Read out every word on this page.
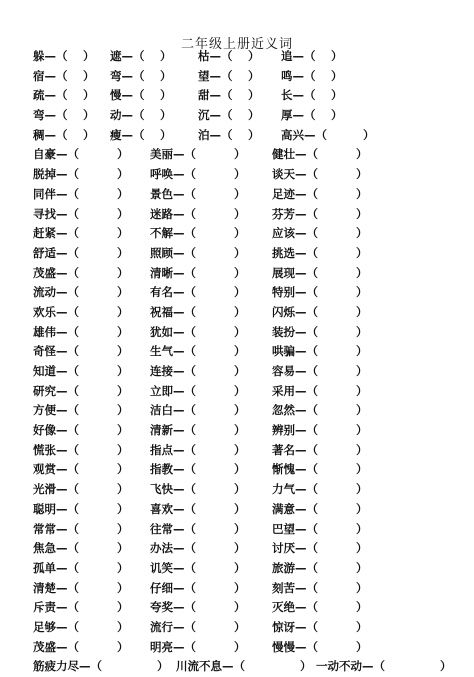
二年级上册近义词
躲—（ ） 遮—（ ） 枯—（ ） 追—（ ）
宿—（ ） 弯—（ ） 望—（ ） 鸣—（ ）
疏—（ ） 慢—（ ） 甜—（ ） 长—（ ）
弯—（ ） 动—（ ） 沉—（ ） 厚—（ ）
稠—（ ） 瘦—（ ） 泊—（ ） 高兴—（	）
自豪—（	） 美丽—（	） 健壮—（	）
脱掉—（	） 呼唤—（	） 谈天—（	）
同伴—（	） 景色—（	） 足迹—（	）
寻找—（	） 迷路—（	） 芬芳—（	）
赶紧—（	） 不解—（	） 应该—（	）
舒适—（	） 照顾—（	） 挑选—（	）
茂盛—（	） 清晰—（	） 展现—（	）
流动—（	） 有名—（	） 特别—（	）
欢乐—（	） 祝福—（	） 闪烁—（	）
雄伟—（	） 犹如—（	） 装扮—（	）
奇怪—（	） 生气—（	） 哄骗—（	）
知道—（	） 连接—（	） 容易—（	）
研究—（	） 立即—（	） 采用—（	）
方便—（	） 洁白—（	） 忽然—（	）
好像—（	） 清新—（	） 辨别—（	）
慌张—（	） 指点—（	） 著名—（	）
观赏—（	） 指教—（	） 惭愧—（	）
光滑—（	） 飞快—（	） 力气—（	）
聪明—（	） 喜欢—（	） 满意—（	）
常常—（	） 往常—（	） 巴望—（	）
焦急—（	） 办法—（	） 讨厌—（	）
孤单—（	） 讥笑—（	） 旅游—（	）
清楚—（	） 仔细—（	） 刻苦—（	）
斥责—（	） 夸奖—（	） 灭绝—（	）
足够—（	） 流行—（	） 惊讶—（	）
茂盛—（	） 明亮—（	） 慢慢—（	）
筋疲力尽—（	） 川流不息—（	） 一动不动—（	）
